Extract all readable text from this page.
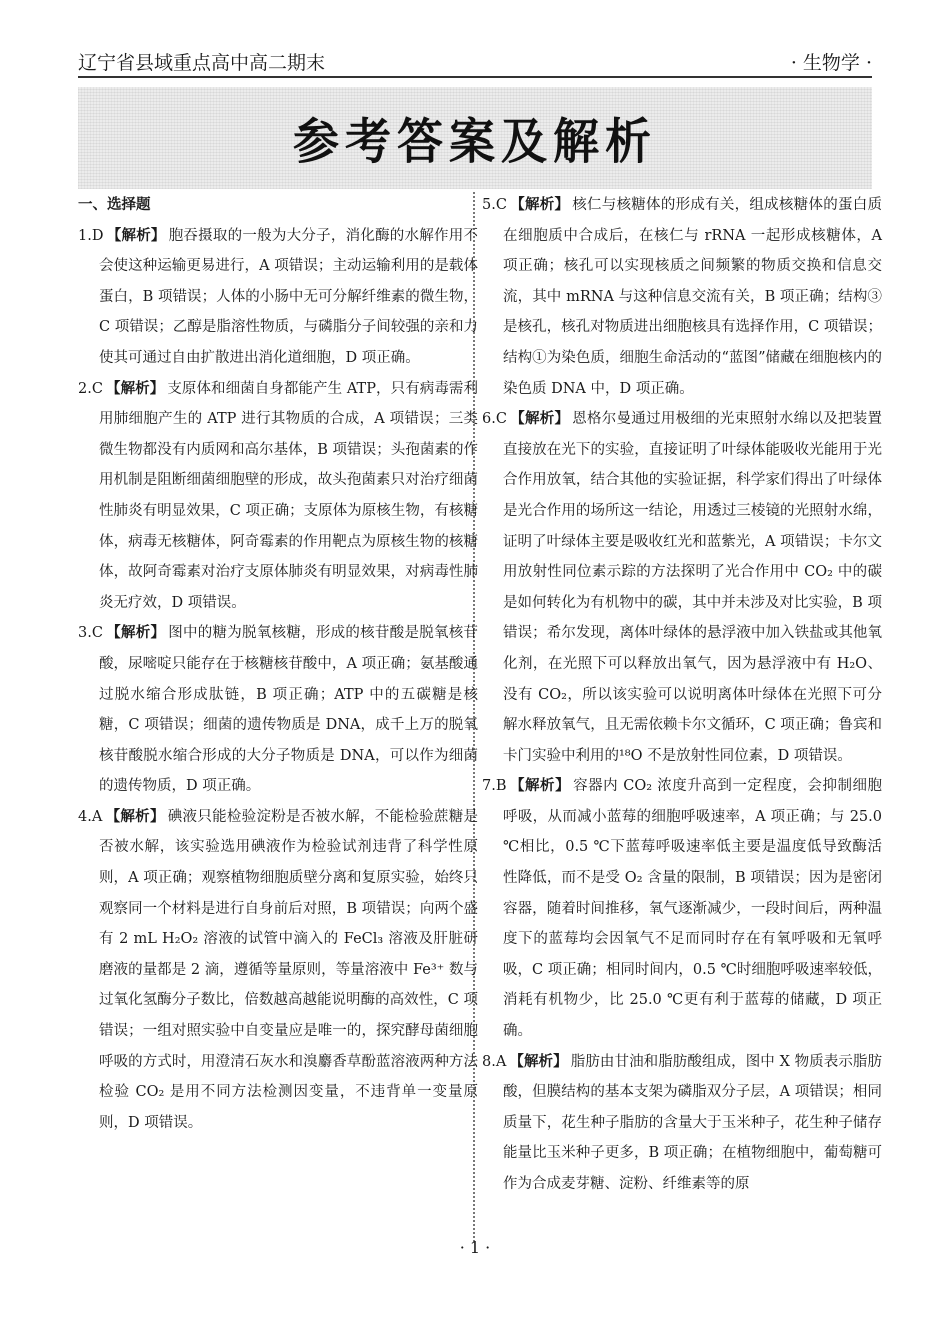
辽宁省县域重点高中高二期末	· 生物学 ·
参考答案及解析

一、选择题

1.D 【解析】 胞吞摄取的一般为大分子，消化酶的水解作用不会使这种运输更易进行，A 项错误；主动运输利用的是载体蛋白，B 项错误；人体的小肠中无可分解纤维素的微生物，C 项错误；乙醇是脂溶性物质，与磷脂分子间较强的亲和力使其可通过自由扩散进出消化道细胞，D 项正确。

2.C 【解析】 支原体和细菌自身都能产生 ATP，只有病毒需利用肺细胞产生的 ATP 进行其物质的合成，A 项错误；三类微生物都没有内质网和高尔基体，B 项错误；头孢菌素的作用机制是阻断细菌细胞壁的形成，故头孢菌素只对治疗细菌性肺炎有明显效果，C 项正确；支原体为原核生物，有核糖体，病毒无核糖体，阿奇霉素的作用靶点为原核生物的核糖体，故阿奇霉素对治疗支原体肺炎有明显效果，对病毒性肺炎无疗效，D 项错误。

3.C 【解析】 图中的糖为脱氧核糖，形成的核苷酸是脱氧核苷酸，尿嘧啶只能存在于核糖核苷酸中，A 项正确；氨基酸通过脱水缩合形成肽链，B 项正确；ATP 中的五碳糖是核糖，C 项错误；细菌的遗传物质是 DNA，成千上万的脱氧核苷酸脱水缩合形成的大分子物质是 DNA，可以作为细菌的遗传物质，D 项正确。

4.A 【解析】 碘液只能检验淀粉是否被水解，不能检验蔗糖是否被水解，该实验选用碘液作为检验试剂违背了科学性原则，A 项正确；观察植物细胞质壁分离和复原实验，始终只观察同一个材料是进行自身前后对照，B 项错误；向两个盛有 2 mL H₂O₂ 溶液的试管中滴入的 FeCl₃ 溶液及肝脏研磨液的量都是 2 滴，遵循等量原则，等量溶液中 Fe³⁺ 数与过氧化氢酶分子数比，倍数越高越能说明酶的高效性，C 项错误；一组对照实验中自变量应是唯一的，探究酵母菌细胞呼吸的方式时，用澄清石灰水和溴麝香草酚蓝溶液两种方法检验 CO₂ 是用不同方法检测因变量，不违背单一变量原则，D 项错误。

5.C 【解析】 核仁与核糖体的形成有关，组成核糖体的蛋白质在细胞质中合成后，在核仁与 rRNA 一起形成核糖体，A 项正确；核孔可以实现核质之间频繁的物质交换和信息交流，其中 mRNA 与这种信息交流有关，B 项正确；结构③是核孔，核孔对物质进出细胞核具有选择作用，C 项错误；结构①为染色质，细胞生命活动的“蓝图”储藏在细胞核内的染色质 DNA 中，D 项正确。

6.C 【解析】 恩格尔曼通过用极细的光束照射水绵以及把装置直接放在光下的实验，直接证明了叶绿体能吸收光能用于光合作用放氧，结合其他的实验证据，科学家们得出了叶绿体是光合作用的场所这一结论，用透过三棱镜的光照射水绵，证明了叶绿体主要是吸收红光和蓝紫光，A 项错误；卡尔文用放射性同位素示踪的方法探明了光合作用中 CO₂ 中的碳是如何转化为有机物中的碳，其中并未涉及对比实验，B 项错误；希尔发现，离体叶绿体的悬浮液中加入铁盐或其他氧化剂，在光照下可以释放出氧气，因为悬浮液中有 H₂O、没有 CO₂，所以该实验可以说明离体叶绿体在光照下可分解水释放氧气，且无需依赖卡尔文循环，C 项正确；鲁宾和卡门实验中利用的¹⁸O 不是放射性同位素，D 项错误。

7.B 【解析】 容器内 CO₂ 浓度升高到一定程度，会抑制细胞呼吸，从而减小蓝莓的细胞呼吸速率，A 项正确；与 25.0 ℃相比，0.5 ℃下蓝莓呼吸速率低主要是温度低导致酶活性降低，而不是受 O₂ 含量的限制，B 项错误；因为是密闭容器，随着时间推移，氧气逐渐减少，一段时间后，两种温度下的蓝莓均会因氧气不足而同时存在有氧呼吸和无氧呼吸，C 项正确；相同时间内，0.5 ℃时细胞呼吸速率较低，消耗有机物少，比 25.0 ℃更有利于蓝莓的储藏，D 项正确。

8.A 【解析】 脂肪由甘油和脂肪酸组成，图中 X 物质表示脂肪酸，但膜结构的基本支架为磷脂双分子层，A 项错误；相同质量下，花生种子脂肪的含量大于玉米种子，花生种子储存能量比玉米种子更多，B 项正确；在植物细胞中，葡萄糖可作为合成麦芽糖、淀粉、纤维素等的原

· 1 ·
